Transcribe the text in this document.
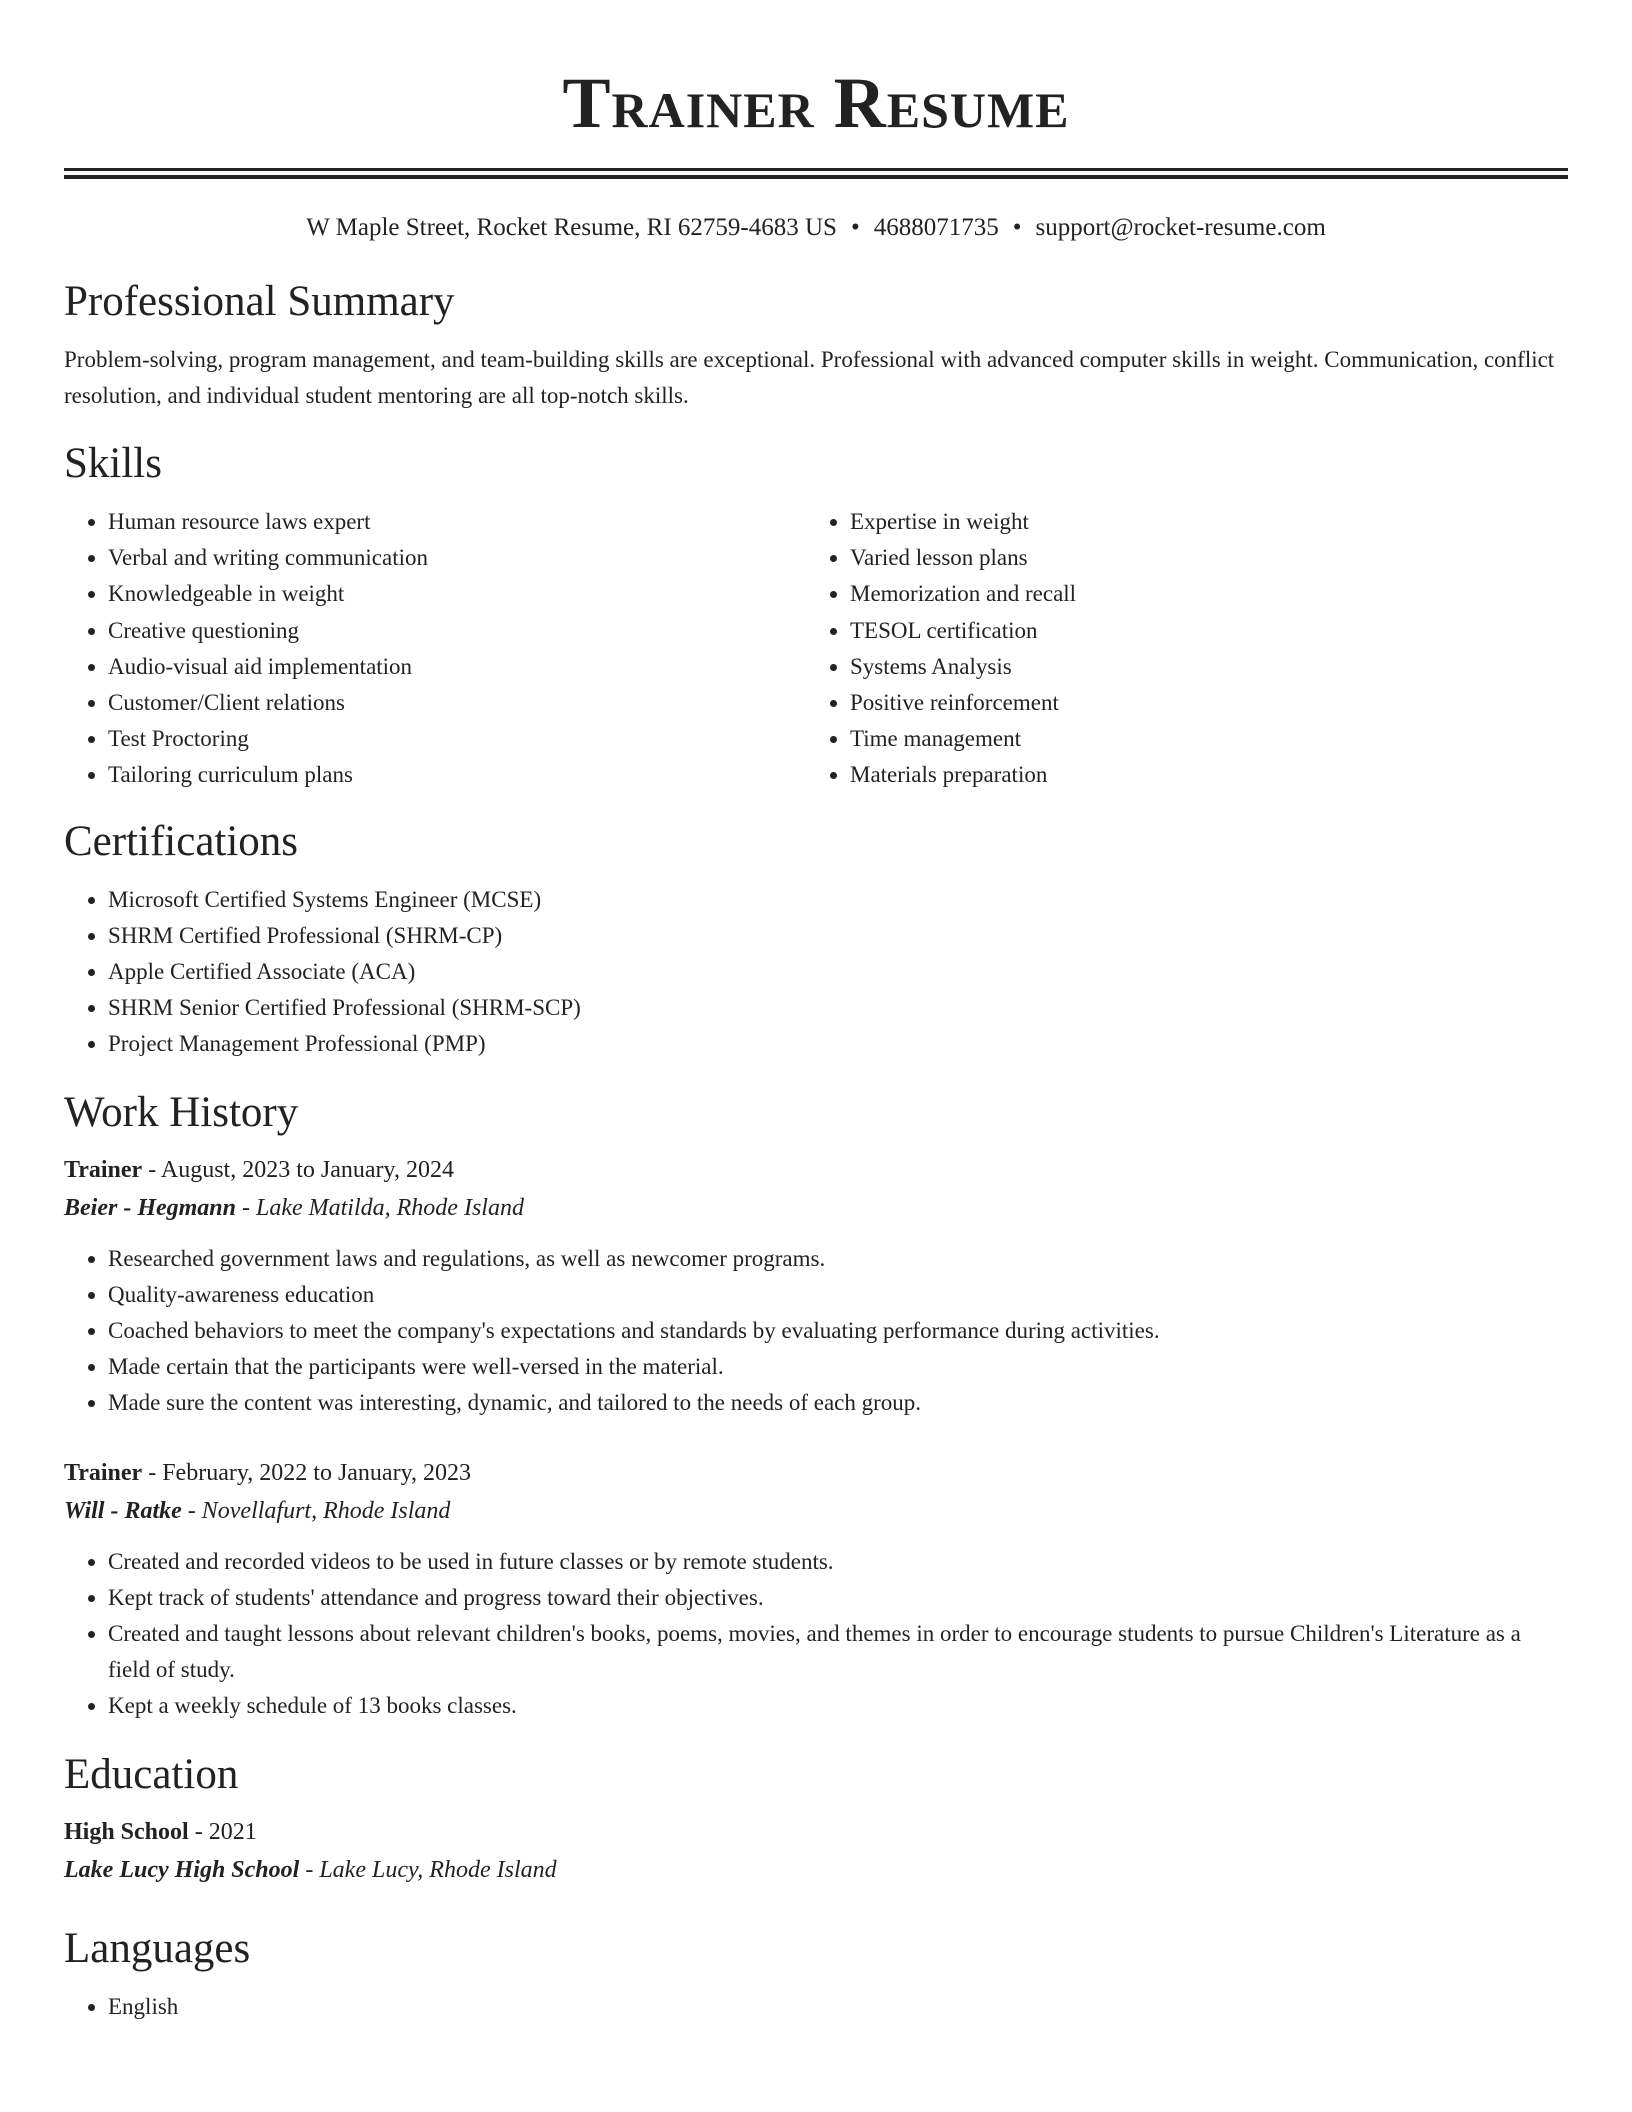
Trainer Resume
W Maple Street, Rocket Resume, RI 62759-4683 US • 4688071735 • support@rocket-resume.com
Professional Summary

Problem-solving, program management, and team-building skills are exceptional. Professional with advanced computer skills in weight. Communication, conflict resolution, and individual student mentoring are all top-notch skills.

Skills
• Human resource laws expert
• Verbal and writing communication
• Knowledgeable in weight
• Creative questioning
• Audio-visual aid implementation
• Customer/Client relations
• Test Proctoring
• Tailoring curriculum plans
• Expertise in weight
• Varied lesson plans
• Memorization and recall
• TESOL certification
• Systems Analysis
• Positive reinforcement
• Time management
• Materials preparation
Certifications
• Microsoft Certified Systems Engineer (MCSE)
• SHRM Certified Professional (SHRM-CP)
• Apple Certified Associate (ACA)
• SHRM Senior Certified Professional (SHRM-SCP)
• Project Management Professional (PMP)
Work History
Trainer - August, 2023 to January, 2024
Beier - Hegmann - Lake Matilda, Rhode Island
• Researched government laws and regulations, as well as newcomer programs.
• Quality-awareness education
• Coached behaviors to meet the company's expectations and standards by evaluating performance during activities.
• Made certain that the participants were well-versed in the material.
• Made sure the content was interesting, dynamic, and tailored to the needs of each group.
Trainer - February, 2022 to January, 2023
Will - Ratke - Novellafurt, Rhode Island
• Created and recorded videos to be used in future classes or by remote students.
• Kept track of students' attendance and progress toward their objectives.
• Created and taught lessons about relevant children's books, poems, movies, and themes in order to encourage students to pursue Children's Literature as a field of study.
• Kept a weekly schedule of 13 books classes.
Education
High School - 2021
Lake Lucy High School - Lake Lucy, Rhode Island
Languages
• English
